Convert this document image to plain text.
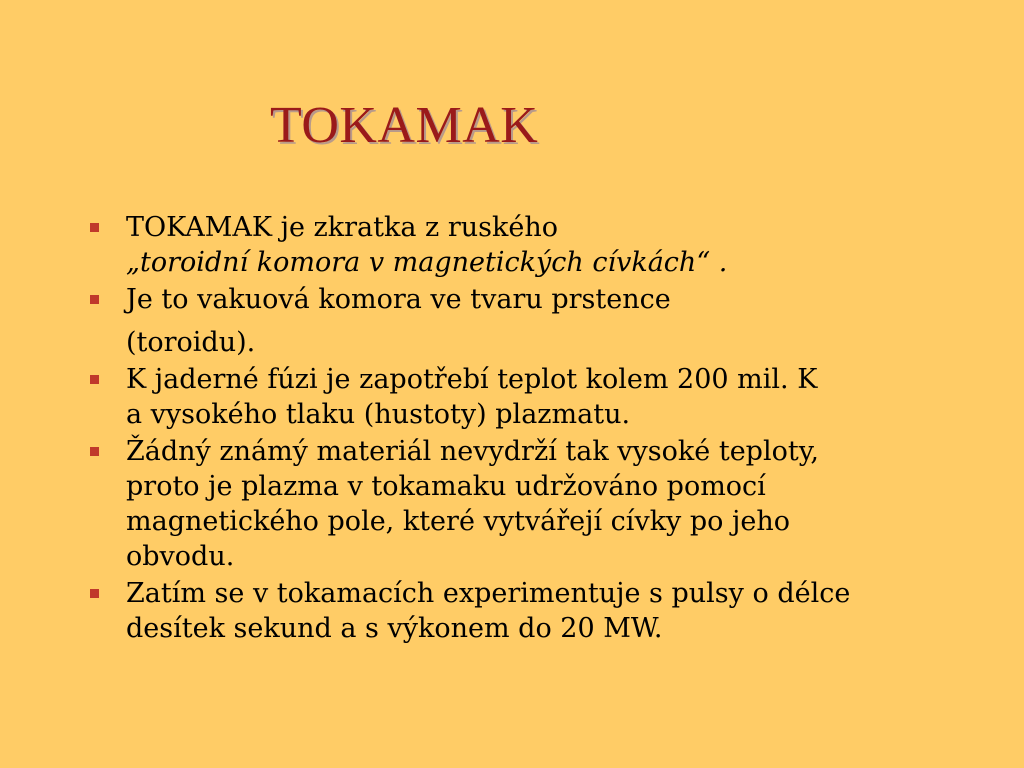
TOKAMAK
TOKAMAK je zkratka z ruského
„toroidní komora v magnetických cívkách“ .
Je to vakuová komora ve tvaru prstence
(toroidu).
K jaderné fúzi je zapotřebí teplot kolem 200 mil. K
a vysokého tlaku (hustoty) plazmatu.
Žádný známý materiál nevydrží tak vysoké teploty,
proto je plazma v tokamaku udržováno pomocí
magnetického pole, které vytvářejí cívky po jeho
obvodu.
Zatím se v tokamacích experimentuje s pulsy o délce
desítek sekund a s výkonem do 20 MW.
